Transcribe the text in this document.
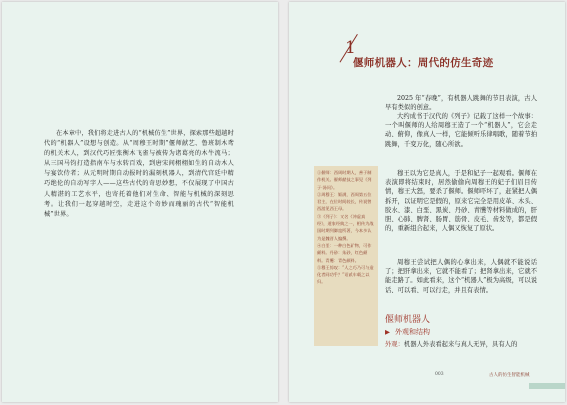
在本章中，我们将走进古人的“机械仿生”世界，探索那些超越时代的“机器人”设想与创造。从“周穆王时期”偃师献艺、鲁班制木鸢的机关术人，到汉代巧匠张衡木飞雀与被传为诸葛亮的木牛流马；从三国马钧打造指南车与水转百戏，到唐宋间栩栩如生的自动木人与宴饮侍者；从元明时期自动报时的漏刻机器人，到清代宫廷中精巧绝伦的自动写字人——这些古代的奇思妙想，不仅展现了中国古人精湛的工艺水平，也寄托着他们对生命、智能与机械的深刻思考。让我们一起穿越时空，走进这个奇妙而瑰丽的古代“智能机械”世界。

1
偃师机器人：周代的仿生奇迹

2025 年“春晚”，有机器人跳舞的节目表演，古人早有类似的创意。

大约成书于汉代的《列子》记载了这样一个故事：一个叫偃师的人给周穆王造了一个“机器人”，它会走动、俯仰，像真人一样，它能倾听乐律唱歌，随着节拍跳舞，千变万化，随心所欲。

穆王以为它是真人，于是和妃子一起观看。偃师在表演即将结束时，居然偷偷向周穆王的妃子们眉目传情，穆王大怒，要杀了偃师。偃师吓坏了，赶紧把人偶拆开，以证明它是假的，原来它完全是用皮革、木头、胶水、漆、白垩、黑炭、丹砂、青雘等材料做成的，肝胆、心肺、脾肾、肠胃、筋骨、皮毛、齿发等，都是假的，重新组合起来，人偶又恢复了原状。

周穆王尝试把人偶的心拿出来，人偶就不能说话了；把肝拿出来，它就不能看了；把肾拿出来，它就不能走路了。如此看来，这个“机器人”极为高级，可以说话、可以看、可以行走，并且有表情。

①偃师：西周时期人，善于制作机关。偃师献技之事见《列子·汤问》。
②周穆王：姬满，西周第五位君主，在位时间较长，传说曾西游见西王母。
③《列子》：又名《冲虚真经》，道家经典之一，相传为战国时期列御寇所著，今本多认为是魏晋人编撰。
④白垩：一种白色矿物，可作颜料。丹砂：朱砂，红色颜料。青雘：青色颜料。
⑤穆王惊叹：“人之巧乃可与造化者同功乎？”诏贰车载之以归。
偃师机器人
▶ 外观和结构

外观：机器人外表看起来与真人无异，具有人的

003	古人的仿生智能机械
